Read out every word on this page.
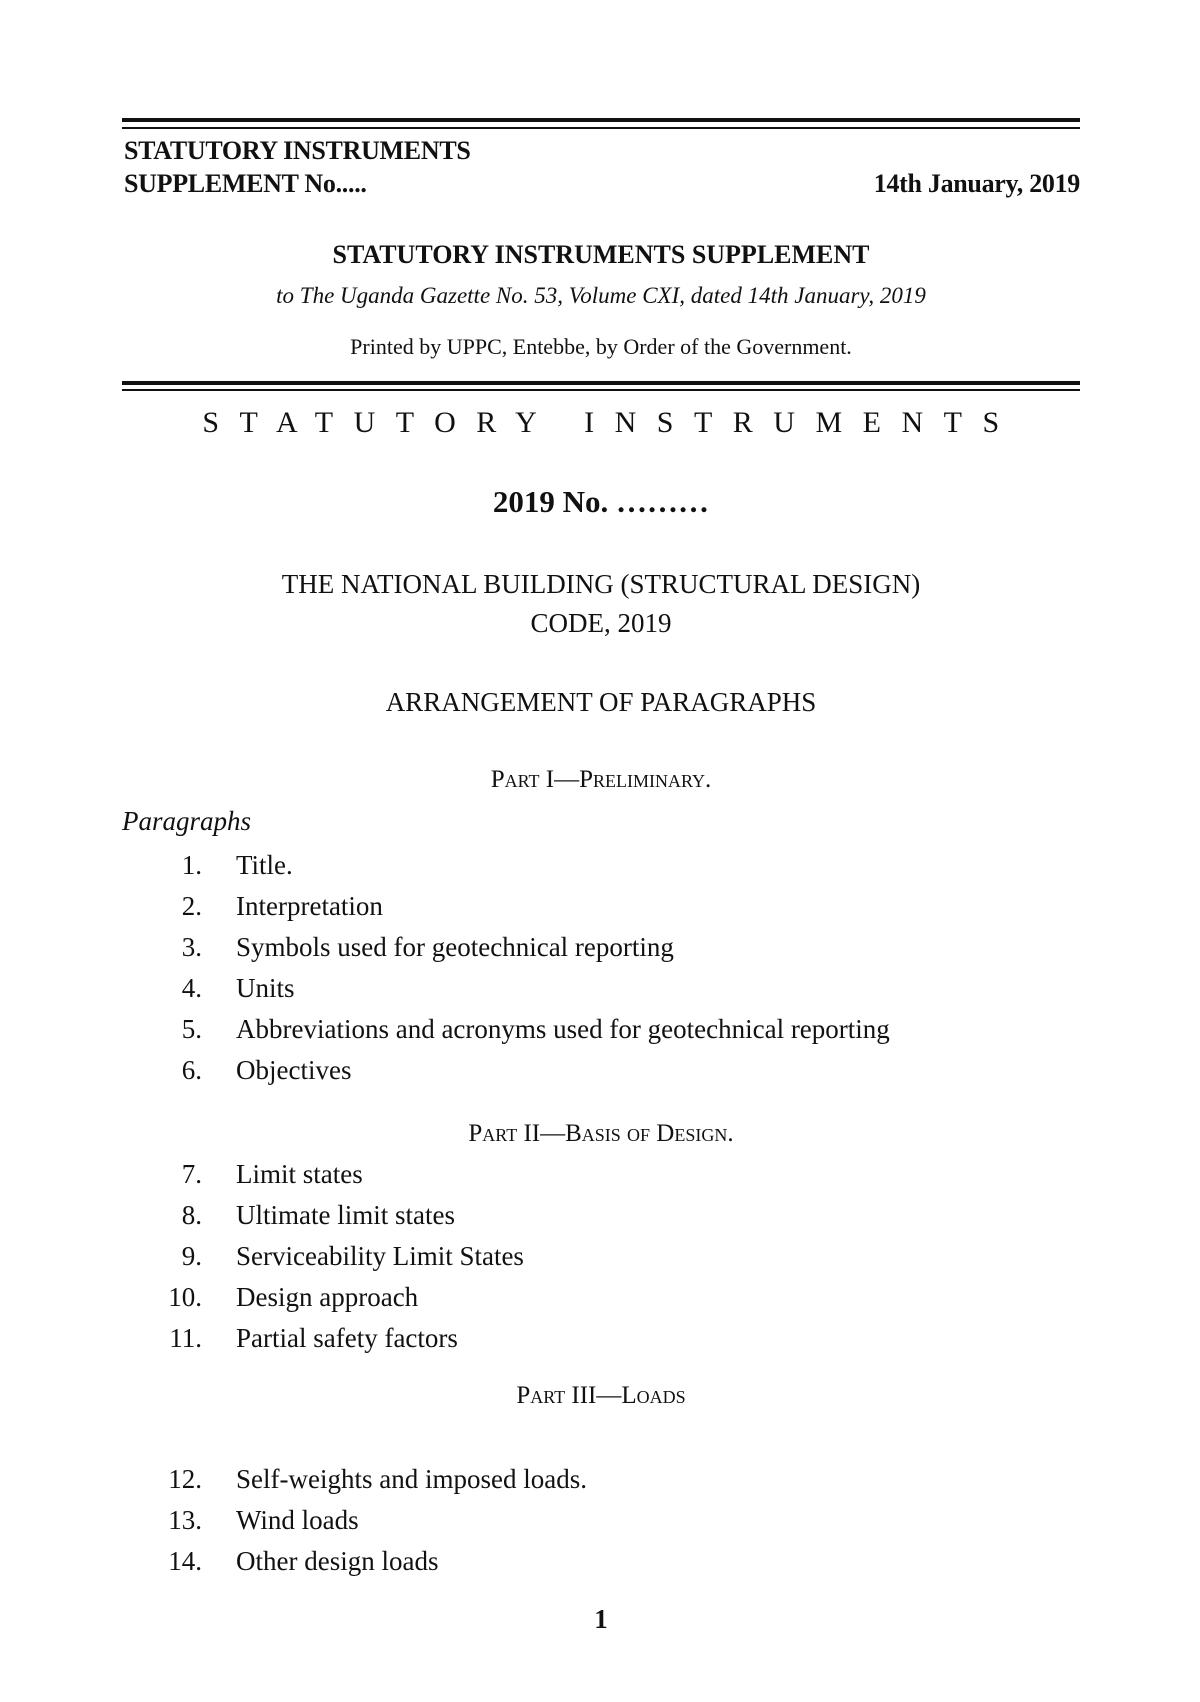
STATUTORY INSTRUMENTS
SUPPLEMENT No.....	14th January, 2019
STATUTORY INSTRUMENTS SUPPLEMENT
to The Uganda Gazette No. 53, Volume CXI, dated 14th January, 2019
Printed by UPPC, Entebbe, by Order of the Government.
STATUTORY INSTRUMENTS
2019 No. ………
THE NATIONAL BUILDING (STRUCTURAL DESIGN)
CODE, 2019
ARRANGEMENT OF PARAGRAPHS
Part I—Preliminary.
Paragraphs
1. Title.
2. Interpretation
3. Symbols used for geotechnical reporting
4. Units
5. Abbreviations and acronyms used for geotechnical reporting
6. Objectives
Part II—Basis of Design.
7. Limit states
8. Ultimate limit states
9. Serviceability Limit States
10. Design approach
11. Partial safety factors
Part III—Loads
12. Self-weights and imposed loads.
13. Wind loads
14. Other design loads
1
